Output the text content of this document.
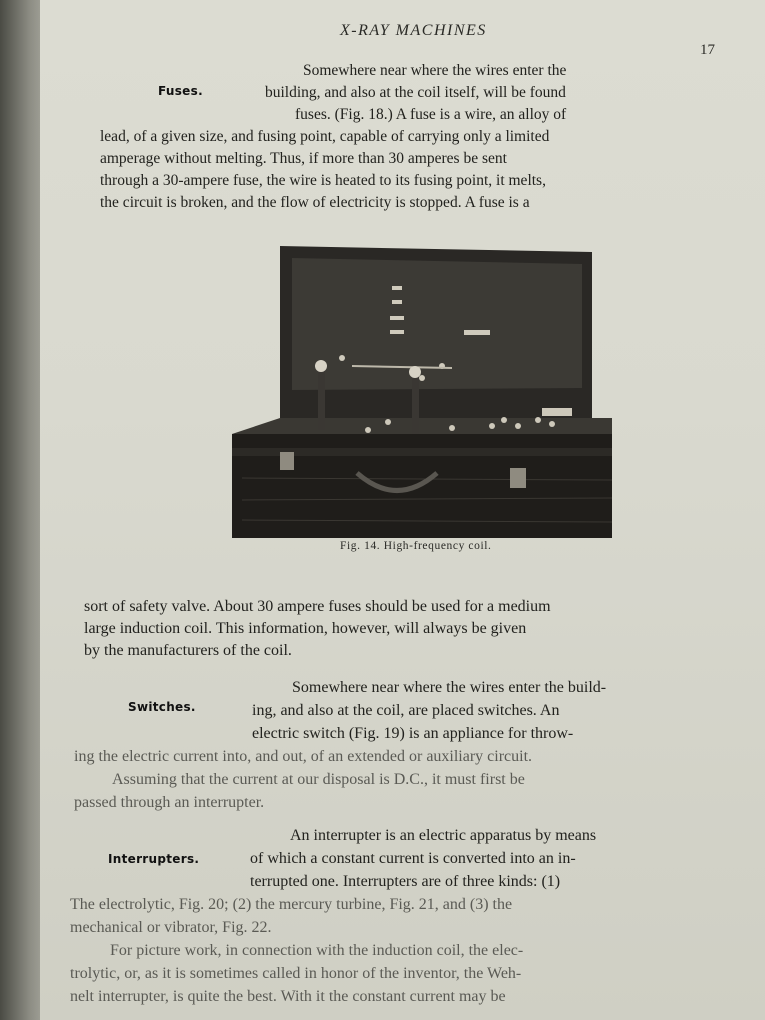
X-RAY MACHINES
17
Fuses.
Somewhere near where the wires enter the
building, and also at the coil itself, will be found
fuses. (Fig. 18.) A fuse is a wire, an alloy of
lead, of a given size, and fusing point, capable of carrying only a limited
amperage without melting. Thus, if more than 30 amperes be sent
through a 30-ampere fuse, the wire is heated to its fusing point, it melts,
the circuit is broken, and the flow of electricity is stopped. A fuse is a
Fig. 14. High-frequency coil.
sort of safety valve. About 30 ampere fuses should be used for a medium
large induction coil. This information, however, will always be given
by the manufacturers of the coil.
Switches.
Somewhere near where the wires enter the build-
ing, and also at the coil, are placed switches. An
electric switch (Fig. 19) is an appliance for throw-
ing the electric current into, and out, of an extended or auxiliary circuit.
Assuming that the current at our disposal is D.C., it must first be
passed through an interrupter.
Interrupters.
An interrupter is an electric apparatus by means
of which a constant current is converted into an in-
terrupted one. Interrupters are of three kinds: (1)
The electrolytic, Fig. 20; (2) the mercury turbine, Fig. 21, and (3) the
mechanical or vibrator, Fig. 22.
For picture work, in connection with the induction coil, the elec-
trolytic, or, as it is sometimes called in honor of the inventor, the Weh-
nelt interrupter, is quite the best. With it the constant current may be
